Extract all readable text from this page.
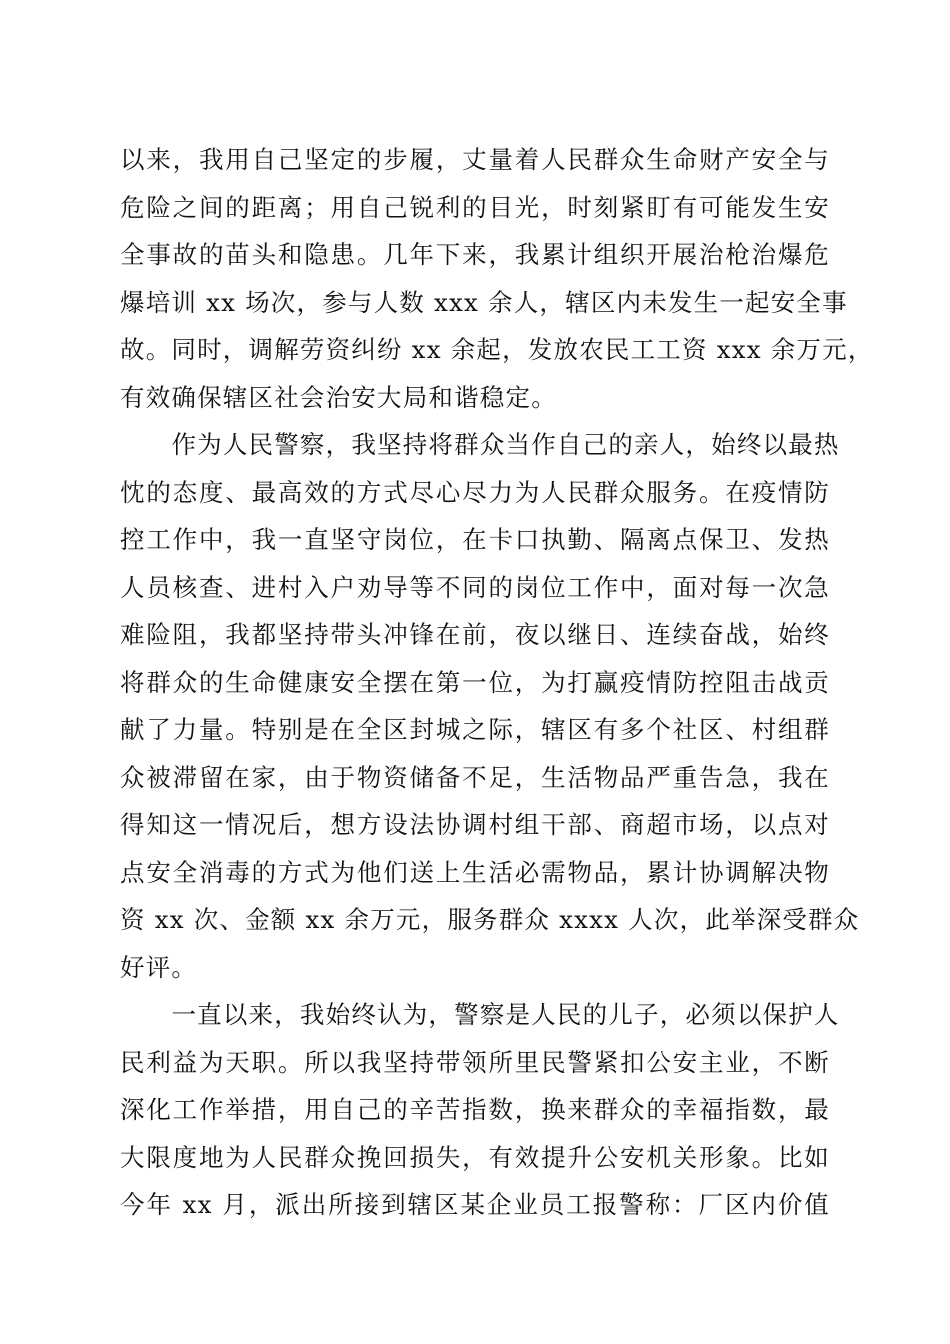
以来，我用自己坚定的步履，丈量着人民群众生命财产安全与
危险之间的距离；用自己锐利的目光，时刻紧盯有可能发生安
全事故的苗头和隐患。几年下来，我累计组织开展治枪治爆危
爆培训 xx 场次，参与人数 xxx 余人，辖区内未发生一起安全事
故。同时，调解劳资纠纷 xx 余起，发放农民工工资 xxx 余万元，
有效确保辖区社会治安大局和谐稳定。
作为人民警察，我坚持将群众当作自己的亲人，始终以最热
忱的态度、最高效的方式尽心尽力为人民群众服务。在疫情防
控工作中，我一直坚守岗位，在卡口执勤、隔离点保卫、发热
人员核查、进村入户劝导等不同的岗位工作中，面对每一次急
难险阻，我都坚持带头冲锋在前，夜以继日、连续奋战，始终
将群众的生命健康安全摆在第一位，为打赢疫情防控阻击战贡
献了力量。特别是在全区封城之际，辖区有多个社区、村组群
众被滞留在家，由于物资储备不足，生活物品严重告急，我在
得知这一情况后，想方设法协调村组干部、商超市场，以点对
点安全消毒的方式为他们送上生活必需物品，累计协调解决物
资 xx 次、金额 xx 余万元，服务群众 xxxx 人次，此举深受群众
好评。
一直以来，我始终认为，警察是人民的儿子，必须以保护人
民利益为天职。所以我坚持带领所里民警紧扣公安主业，不断
深化工作举措，用自己的辛苦指数，换来群众的幸福指数，最
大限度地为人民群众挽回损失，有效提升公安机关形象。比如
今年 xx 月，派出所接到辖区某企业员工报警称：厂区内价值
